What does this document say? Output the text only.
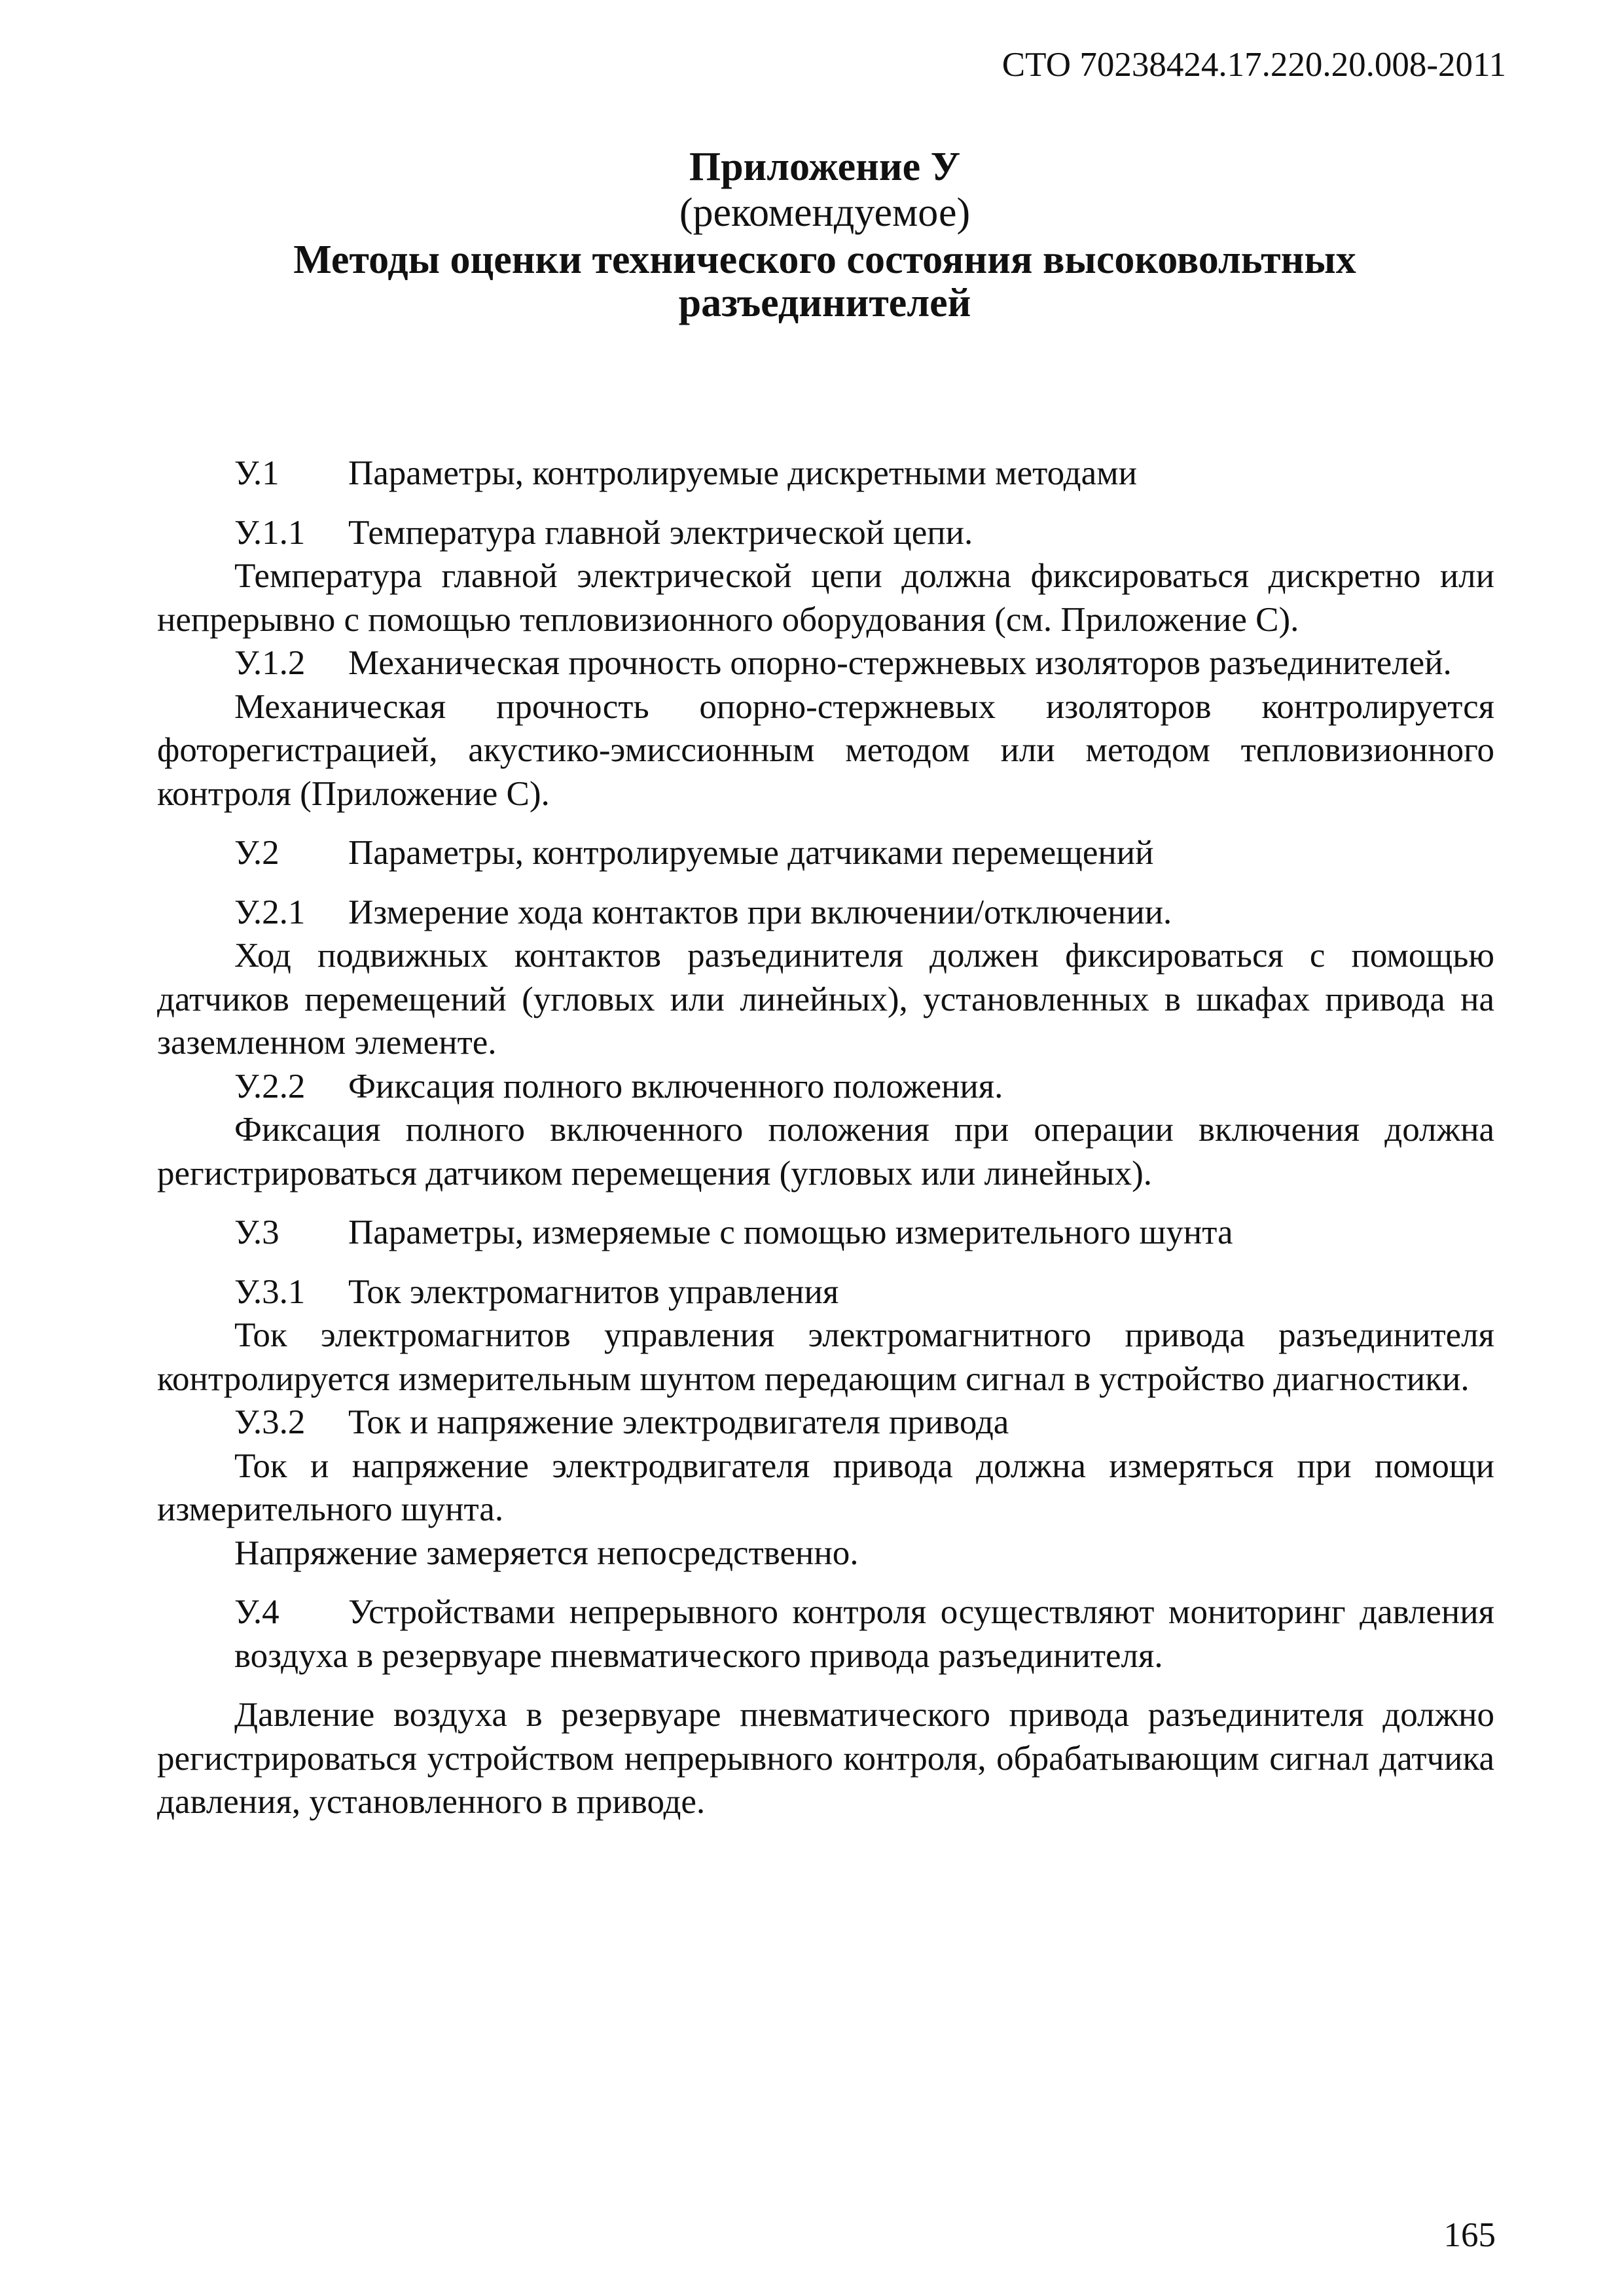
СТО 70238424.17.220.20.008-2011
Приложение У
(рекомендуемое)
Методы оценки технического состояния высоковольтных
разъединителей
У.1	Параметры, контролируемые дискретными методами
У.1.1	Температура главной электрической цепи.

Температура главной электрической цепи должна фиксироваться дискретно или непрерывно с помощью тепловизионного оборудования (см. Приложение С).

У.1.2 Механическая прочность опорно-стержневых изоляторов разъединителей.

Механическая прочность опорно-стержневых изоляторов контролируется фоторегистрацией, акустико-эмиссионным методом или методом тепловизионного контроля (Приложение С).

У.2	Параметры, контролируемые датчиками перемещений
У.2.1	Измерение хода контактов при включении/отключении.

Ход подвижных контактов разъединителя должен фиксироваться с помощью датчиков перемещений (угловых или линейных), установленных в шкафах привода на заземленном элементе.

У.2.2	Фиксация полного включенного положения.

Фиксация полного включенного положения при операции включения должна регистрироваться датчиком перемещения (угловых или линейных).

У.3	Параметры, измеряемые с помощью измерительного шунта
У.3.1	Ток электромагнитов управления

Ток электромагнитов управления электромагнитного привода разъединителя контролируется измерительным шунтом передающим сигнал в устройство диагностики.

У.3.2	Ток и напряжение электродвигателя привода

Ток и напряжение электродвигателя привода должна измеряться при помощи измерительного шунта.

Напряжение замеряется непосредственно.

У.4 Устройствами непрерывного контроля осуществляют мониторинг давления воздуха в резервуаре пневматического привода разъединителя.

Давление воздуха в резервуаре пневматического привода разъединителя должно регистрироваться устройством непрерывного контроля, обрабатывающим сигнал датчика давления, установленного в приводе.

165
